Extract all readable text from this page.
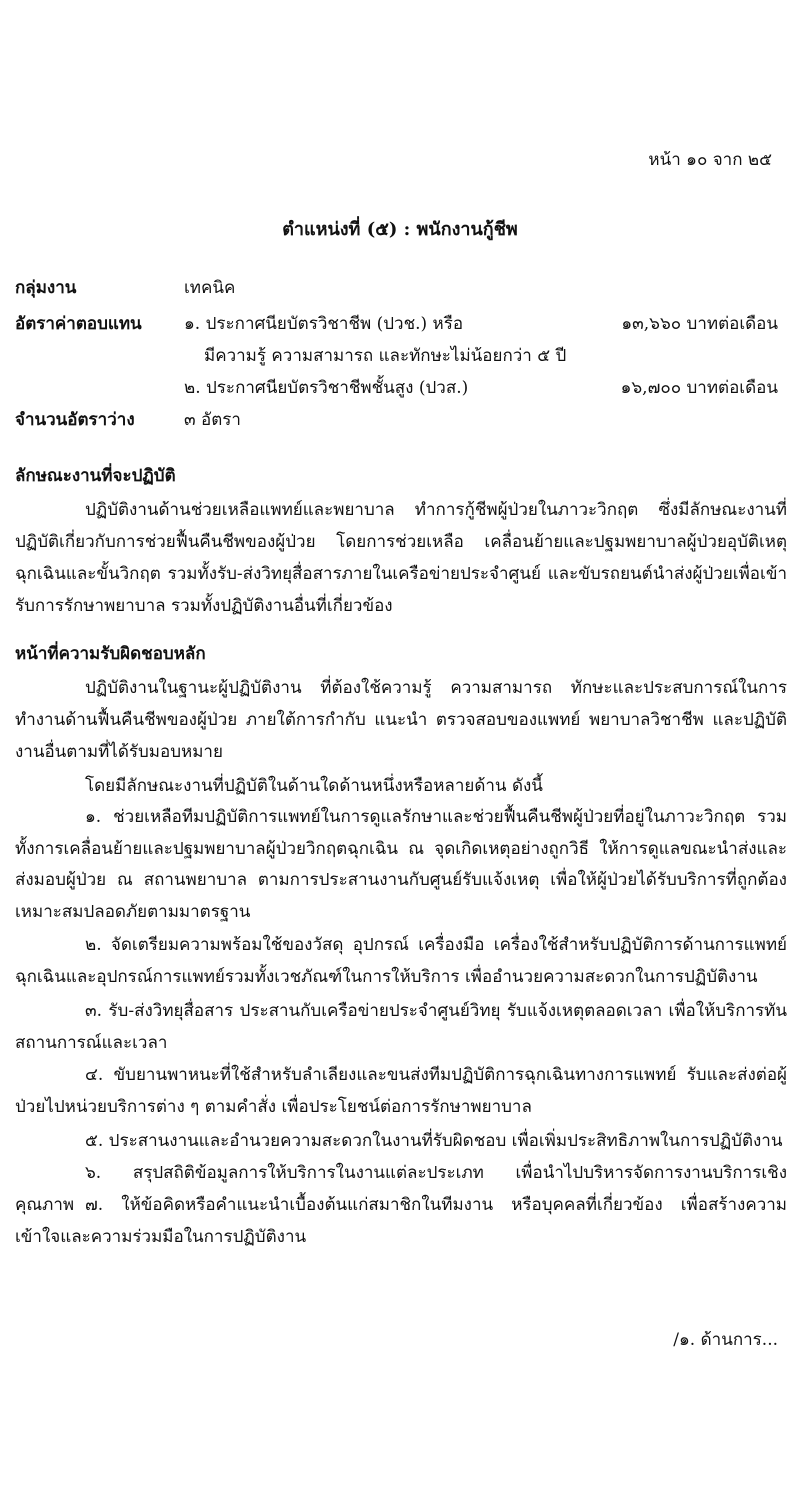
หน้า ๑๐ จาก ๒๕
ตำแหน่งที่ (๕) : พนักงานกู้ชีพ
กลุ่มงาน	เทคนิค
อัตราค่าตอบแทน ๑. ประกาศนียบัตรวิชาชีพ (ปวช.) หรือ	๑๓,๖๖๐ บาทต่อเดือน
มีความรู้ ความสามารถ และทักษะไม่น้อยกว่า ๕ ปี
๒. ประกาศนียบัตรวิชาชีพชั้นสูง (ปวส.)	๑๖,๗๐๐ บาทต่อเดือน
จำนวนอัตราว่าง	๓ อัตรา
ลักษณะงานที่จะปฏิบัติ
ปฏิบัติงานด้านช่วยเหลือแพทย์และพยาบาล ทำการกู้ชีพผู้ป่วยในภาวะวิกฤต ซึ่งมีลักษณะงานที่ปฏิบัติเกี่ยวกับการช่วยฟื้นคืนชีพของผู้ป่วย โดยการช่วยเหลือ เคลื่อนย้ายและปฐมพยาบาลผู้ป่วยอุบัติเหตุฉุกเฉินและขั้นวิกฤต รวมทั้งรับ-ส่งวิทยุสื่อสารภายในเครือข่ายประจำศูนย์ และขับรถยนต์นำส่งผู้ป่วยเพื่อเข้ารับการรักษาพยาบาล รวมทั้งปฏิบัติงานอื่นที่เกี่ยวข้อง
หน้าที่ความรับผิดชอบหลัก
ปฏิบัติงานในฐานะผู้ปฏิบัติงาน ที่ต้องใช้ความรู้ ความสามารถ ทักษะและประสบการณ์ในการทำงานด้านฟื้นคืนชีพของผู้ป่วย ภายใต้การกำกับ แนะนำ ตรวจสอบของแพทย์ พยาบาลวิชาชีพ และปฏิบัติงานอื่นตามที่ได้รับมอบหมาย
โดยมีลักษณะงานที่ปฏิบัติในด้านใดด้านหนึ่งหรือหลายด้าน ดังนี้
๑. ช่วยเหลือทีมปฏิบัติการแพทย์ในการดูแลรักษาและช่วยฟื้นคืนชีพผู้ป่วยที่อยู่ในภาวะวิกฤต รวมทั้งการเคลื่อนย้ายและปฐมพยาบาลผู้ป่วยวิกฤตฉุกเฉิน ณ จุดเกิดเหตุอย่างถูกวิธี ให้การดูแลขณะนำส่งและส่งมอบผู้ป่วย ณ สถานพยาบาล ตามการประสานงานกับศูนย์รับแจ้งเหตุ เพื่อให้ผู้ป่วยได้รับบริการที่ถูกต้องเหมาะสมปลอดภัยตามมาตรฐาน
๒. จัดเตรียมความพร้อมใช้ของวัสดุ อุปกรณ์ เครื่องมือ เครื่องใช้สำหรับปฏิบัติการด้านการแพทย์ฉุกเฉินและอุปกรณ์การแพทย์รวมทั้งเวชภัณฑ์ในการให้บริการ เพื่ออำนวยความสะดวกในการปฏิบัติงาน
๓. รับ-ส่งวิทยุสื่อสาร ประสานกับเครือข่ายประจำศูนย์วิทยุ รับแจ้งเหตุตลอดเวลา เพื่อให้บริการทันสถานการณ์และเวลา
๔. ขับยานพาหนะที่ใช้สำหรับลำเลียงและขนส่งทีมปฏิบัติการฉุกเฉินทางการแพทย์ รับและส่งต่อผู้ป่วยไปหน่วยบริการต่าง ๆ ตามคำสั่ง เพื่อประโยชน์ต่อการรักษาพยาบาล
๕. ประสานงานและอำนวยความสะดวกในงานที่รับผิดชอบ เพื่อเพิ่มประสิทธิภาพในการปฏิบัติงาน
๖. สรุปสถิติข้อมูลการให้บริการในงานแต่ละประเภท เพื่อนำไปบริหารจัดการงานบริการเชิงคุณภาพ ๗. ให้ข้อคิดหรือคำแนะนำเบื้องต้นแก่สมาชิกในทีมงาน หรือบุคคลที่เกี่ยวข้อง เพื่อสร้างความเข้าใจและความร่วมมือในการปฏิบัติงาน
/๑. ด้านการ...
